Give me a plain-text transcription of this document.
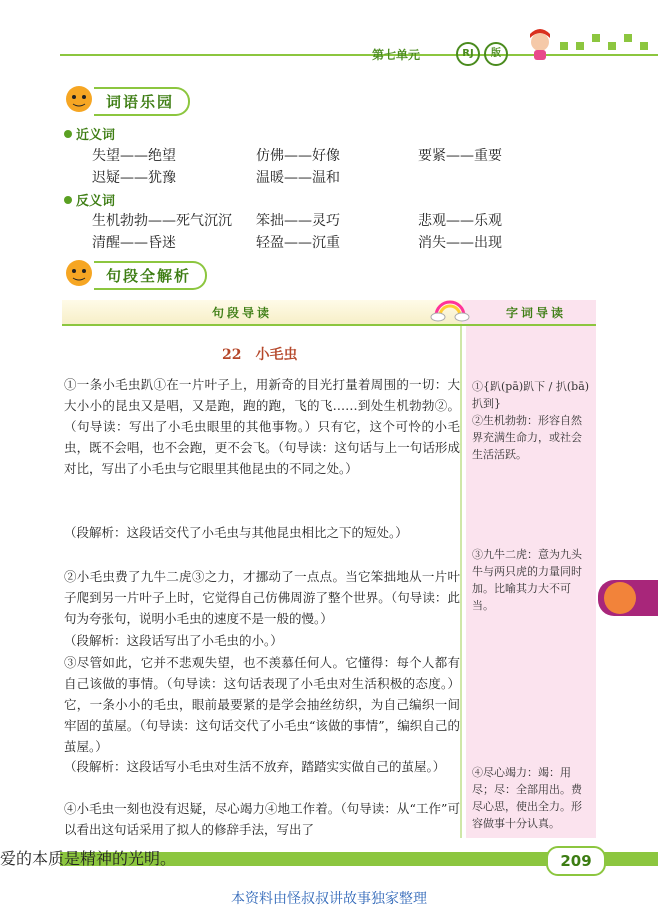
第七单元	RJ	版
词语乐园
近义词
失望——绝望	仿佛——好像	要紧——重要
迟疑——犹豫	温暖——温和
反义词
生机勃勃——死气沉沉 笨拙——灵巧	悲观——乐观
清醒——昏迷	轻盈——沉重	消失——出现
句段全解析
句段导读	字词导读
22　小毛虫
①一条小毛虫趴①在一片叶子上，用新奇的目光打量着周围的一切：大大小小的昆虫又是唱，又是跑，跑的跑，飞的飞……到处生机勃勃②。（句导读：写出了小毛虫眼里的其他事物。）只有它，这个可怜的小毛虫，既不会唱，也不会跑，更不会飞。（句导读：这句话与上一句话形成对比，写出了小毛虫与它眼里其他昆虫的不同之处。）
（段解析：这段话交代了小毛虫与其他昆虫相比之下的短处。）
②小毛虫费了九牛二虎③之力，才挪动了一点点。当它笨拙地从一片叶子爬到另一片叶子上时，它觉得自己仿佛周游了整个世界。（句导读：此句为夸张句，说明小毛虫的速度不是一般的慢。）
（段解析：这段话写出了小毛虫的小。）
③尽管如此，它并不悲观失望，也不羡慕任何人。它懂得：每个人都有自己该做的事情。（句导读：这句话表现了小毛虫对生活积极的态度。）它，一条小小的毛虫，眼前最要紧的是学会抽丝纺织，为自己编织一间牢固的茧屋。（句导读：这句话交代了小毛虫“该做的事情”，编织自己的茧屋。）
（段解析：这段话写小毛虫对生活不放弃，踏踏实实做自己的茧屋。）
④小毛虫一刻也没有迟疑，尽心竭力④地工作着。（句导读：从“工作”可以看出这句话采用了拟人的修辞手法，写出了
①{趴(pā)趴下 / 扒(bā)扒到}
②生机勃勃：形容自然界充满生命力，或社会生活活跃。
③九牛二虎：意为九头牛与两只虎的力量同时加。比喻其力大不可当。
④尽心竭力：竭：用尽；尽：全部用出。费尽心思，使出全力。形容做事十分认真。
爱的本质是精神的光明。	209
本资料由怪叔叔讲故事独家整理
